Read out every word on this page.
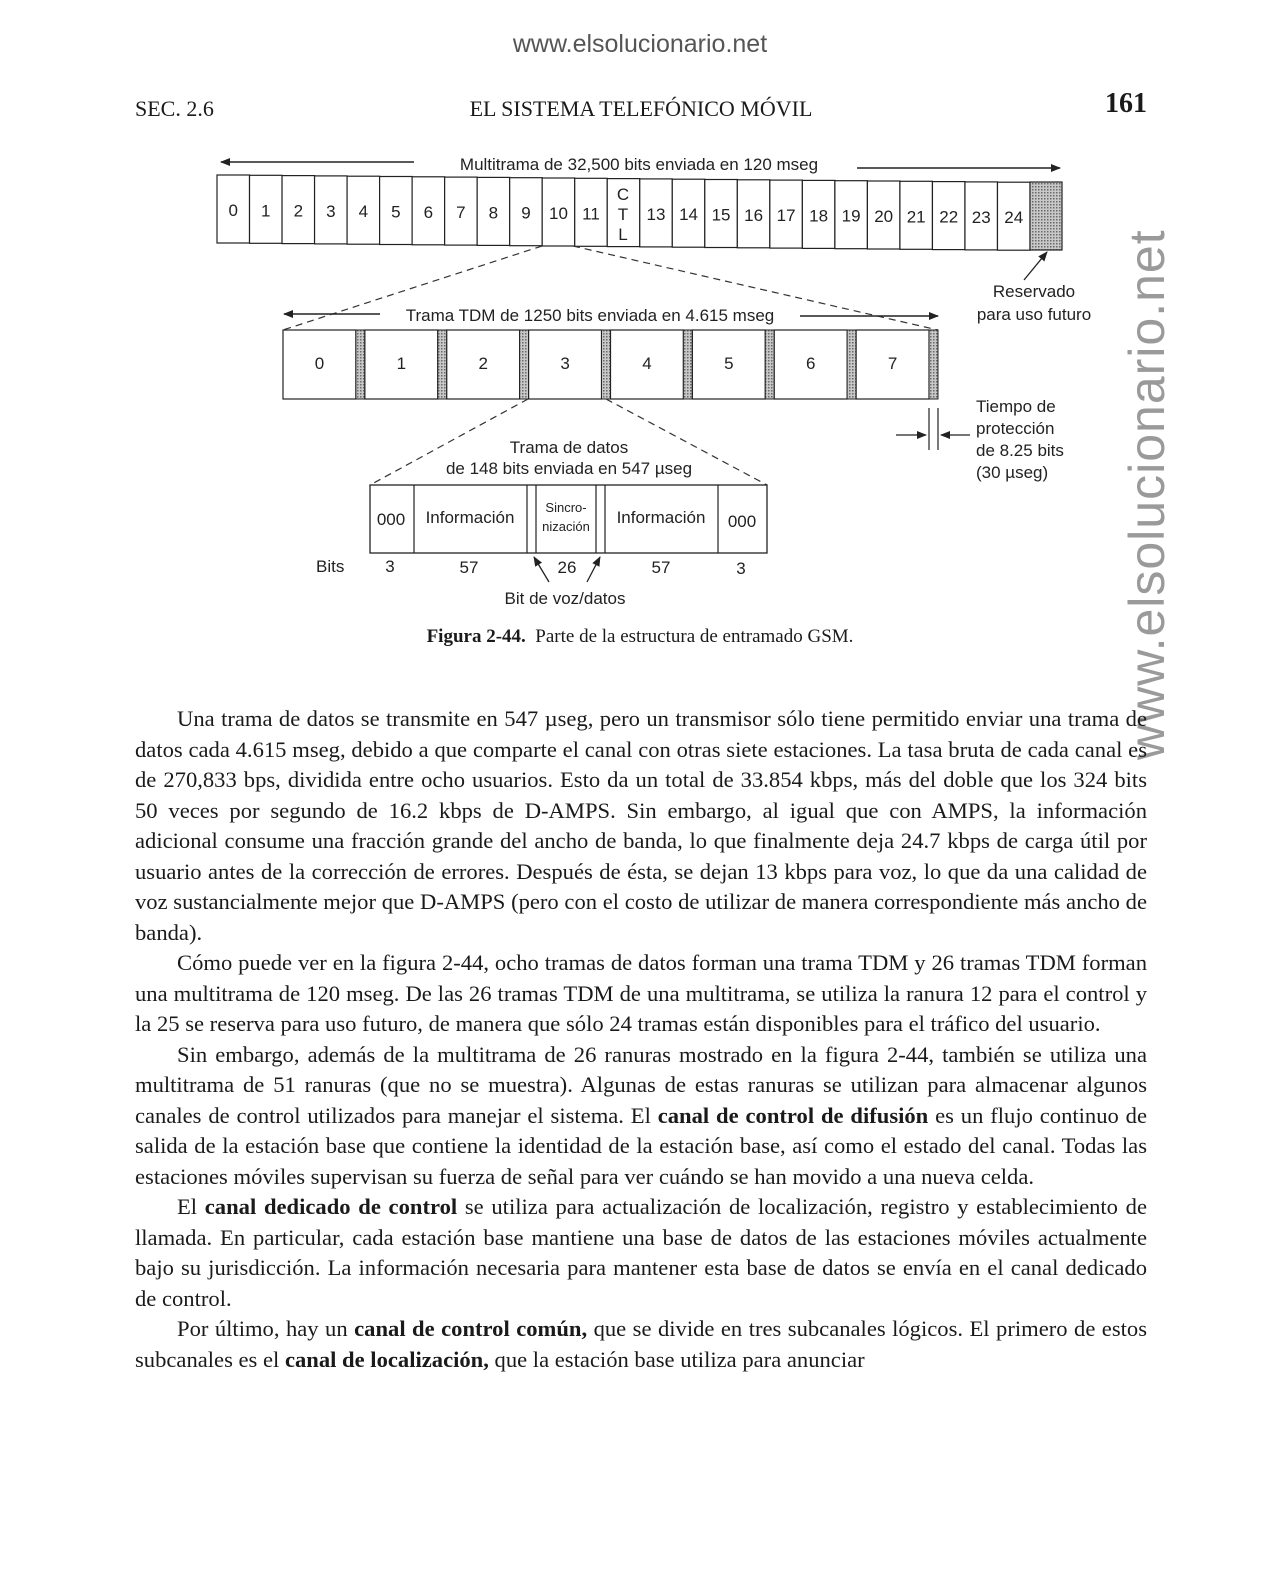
www.elsolucionario.net
www.elsolucionario.net
SEC. 2.6	EL SISTEMA TELEFÓNICO MÓVIL	161
Multitrama de 32,500 bits enviada en 120 mseg
0 1 2 3 4 5 6 7 8 9 10 11	13 14 15 16 17 18 19 20 21 22 23 24
C
T
L
Reservado
para uso futuro
Trama TDM de 1250 bits enviada en 4.615 mseg
0	1	2	3	4	5	6	7
Tiempo de
protección
de 8.25 bits
(30 µseg)
Trama de datos
de 148 bits enviada en 547 µseg
000 Información
Sincro-
nización Información 000
Bits 3	57	26	57	3
Bit de voz/datos
Figura 2-44. Parte de la estructura de entramado GSM.

Una trama de datos se transmite en 547 µseg, pero un transmisor sólo tiene permitido enviar una trama de datos cada 4.615 mseg, debido a que comparte el canal con otras siete estaciones. La tasa bruta de cada canal es de 270,833 bps, dividida entre ocho usuarios. Esto da un total de 33.854 kbps, más del doble que los 324 bits 50 veces por segundo de 16.2 kbps de D-AMPS. Sin embargo, al igual que con AMPS, la información adicional consume una fracción grande del ancho de banda, lo que finalmente deja 24.7 kbps de carga útil por usuario antes de la corrección de errores. Después de ésta, se dejan 13 kbps para voz, lo que da una calidad de voz sustancialmente mejor que D-AMPS (pero con el costo de utilizar de manera correspondiente más ancho de banda).

Cómo puede ver en la figura 2-44, ocho tramas de datos forman una trama TDM y 26 tramas TDM forman una multitrama de 120 mseg. De las 26 tramas TDM de una multitrama, se utiliza la ranura 12 para el control y la 25 se reserva para uso futuro, de manera que sólo 24 tramas están disponibles para el tráfico del usuario.

Sin embargo, además de la multitrama de 26 ranuras mostrado en la figura 2-44, también se utiliza una multitrama de 51 ranuras (que no se muestra). Algunas de estas ranuras se utilizan para almacenar algunos canales de control utilizados para manejar el sistema. El canal de control de difusión es un flujo continuo de salida de la estación base que contiene la identidad de la estación base, así como el estado del canal. Todas las estaciones móviles supervisan su fuerza de señal para ver cuándo se han movido a una nueva celda.

El canal dedicado de control se utiliza para actualización de localización, registro y establecimiento de llamada. En particular, cada estación base mantiene una base de datos de las estaciones móviles actualmente bajo su jurisdicción. La información necesaria para mantener esta base de datos se envía en el canal dedicado de control.

Por último, hay un canal de control común, que se divide en tres subcanales lógicos. El primero de estos subcanales es el canal de localización, que la estación base utiliza para anunciar
